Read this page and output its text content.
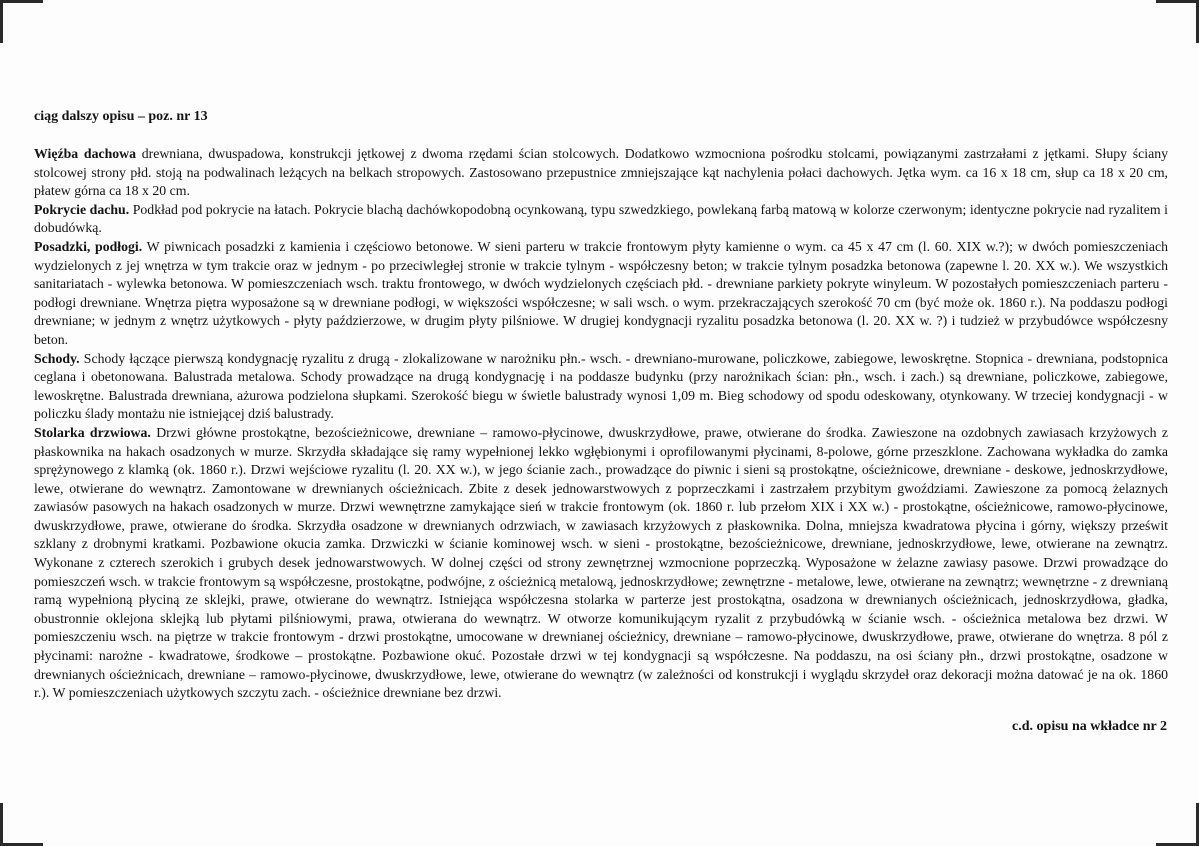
ciąg dalszy opisu – poz. nr 13

Więźba dachowa drewniana, dwuspadowa, konstrukcji jętkowej z dwoma rzędami ścian stolcowych. Dodatkowo wzmocniona pośrodku stolcami, powiązanymi zastrzałami z jętkami. Słupy ściany stolcowej strony płd. stoją na podwalinach leżących na belkach stropowych. Zastosowano przepustnice zmniejszające kąt nachylenia połaci dachowych. Jętka wym. ca 16 x 18 cm, słup ca 18 x 20 cm, płatew górna ca 18 x 20 cm.

Pokrycie dachu. Podkład pod pokrycie na łatach. Pokrycie blachą dachówkopodobną ocynkowaną, typu szwedzkiego, powlekaną farbą matową w kolorze czerwonym; identyczne pokrycie nad ryzalitem i dobudówką.

Posadzki, podłogi. W piwnicach posadzki z kamienia i częściowo betonowe. W sieni parteru w trakcie frontowym płyty kamienne o wym. ca 45 x 47 cm (l. 60. XIX w.?); w dwóch pomieszczeniach wydzielonych z jej wnętrza w tym trakcie oraz w jednym - po przeciwległej stronie w trakcie tylnym - współczesny beton; w trakcie tylnym posadzka betonowa (zapewne l. 20. XX w.). We wszystkich sanitariatach - wylewka betonowa. W pomieszczeniach wsch. traktu frontowego, w dwóch wydzielonych częściach płd. - drewniane parkiety pokryte winyleum. W pozostałych pomieszczeniach parteru - podłogi drewniane. Wnętrza piętra wyposażone są w drewniane podłogi, w większości współczesne; w sali wsch. o wym. przekraczających szerokość 70 cm (być może ok. 1860 r.). Na poddaszu podłogi drewniane; w jednym z wnętrz użytkowych - płyty paździerzowe, w drugim płyty pilśniowe. W drugiej kondygnacji ryzalitu posadzka betonowa (l. 20. XX w. ?) i tudzież w przybudówce współczesny beton.

Schody. Schody łączące pierwszą kondygnację ryzalitu z drugą - zlokalizowane w narożniku płn.- wsch. - drewniano-murowane, policzkowe, zabiegowe, lewoskrętne. Stopnica - drewniana, podstopnica ceglana i obetonowana. Balustrada metalowa. Schody prowadzące na drugą kondygnację i na poddasze budynku (przy narożnikach ścian: płn., wsch. i zach.) są drewniane, policzkowe, zabiegowe, lewoskrętne. Balustrada drewniana, ażurowa podzielona słupkami. Szerokość biegu w świetle balustrady wynosi 1,09 m. Bieg schodowy od spodu odeskowany, otynkowany. W trzeciej kondygnacji - w policzku ślady montażu nie istniejącej dziś balustrady.

Stolarka drzwiowa. Drzwi główne prostokątne, bezościeżnicowe, drewniane – ramowo-płycinowe, dwuskrzydłowe, prawe, otwierane do środka. Zawieszone na ozdobnych zawiasach krzyżowych z płaskownika na hakach osadzonych w murze. Skrzydła składające się ramy wypełnionej lekko wgłębionymi i oprofilowanymi płycinami, 8-polowe, górne przeszklone. Zachowana wykładka do zamka sprężynowego z klamką (ok. 1860 r.). Drzwi wejściowe ryzalitu (l. 20. XX w.), w jego ścianie zach., prowadzące do piwnic i sieni są prostokątne, ościeżnicowe, drewniane - deskowe, jednoskrzydłowe, lewe, otwierane do wewnątrz. Zamontowane w drewnianych ościeżnicach. Zbite z desek jednowarstwowych z poprzeczkami i zastrzałem przybitym gwoździami. Zawieszone za pomocą żelaznych zawiasów pasowych na hakach osadzonych w murze. Drzwi wewnętrzne zamykające sień w trakcie frontowym (ok. 1860 r. lub przełom XIX i XX w.) - prostokątne, ościeżnicowe, ramowo-płycinowe, dwuskrzydłowe, prawe, otwierane do środka. Skrzydła osadzone w drewnianych odrzwiach, w zawiasach krzyżowych z płaskownika. Dolna, mniejsza kwadratowa płycina i górny, większy prześwit szklany z drobnymi kratkami. Pozbawione okucia zamka. Drzwiczki w ścianie kominowej wsch. w sieni - prostokątne, bezościeżnicowe, drewniane, jednoskrzydłowe, lewe, otwierane na zewnątrz. Wykonane z czterech szerokich i grubych desek jednowarstwowych. W dolnej części od strony zewnętrznej wzmocnione poprzeczką. Wyposażone w żelazne zawiasy pasowe. Drzwi prowadzące do pomieszczeń wsch. w trakcie frontowym są współczesne, prostokątne, podwójne, z ościeżnicą metalową, jednoskrzydłowe; zewnętrzne - metalowe, lewe, otwierane na zewnątrz; wewnętrzne - z drewnianą ramą wypełnioną płyciną ze sklejki, prawe, otwierane do wewnątrz. Istniejąca współczesna stolarka w parterze jest prostokątna, osadzona w drewnianych ościeżnicach, jednoskrzydłowa, gładka, obustronnie oklejona sklejką lub płytami pilśniowymi, prawa, otwierana do wewnątrz. W otworze komunikującym ryzalit z przybudówką w ścianie wsch. - ościeżnica metalowa bez drzwi. W pomieszczeniu wsch. na piętrze w trakcie frontowym - drzwi prostokątne, umocowane w drewnianej ościeżnicy, drewniane – ramowo-płycinowe, dwuskrzydłowe, prawe, otwierane do wnętrza. 8 pól z płycinami: narożne - kwadratowe, środkowe – prostokątne. Pozbawione okuć. Pozostałe drzwi w tej kondygnacji są współczesne. Na poddaszu, na osi ściany płn., drzwi prostokątne, osadzone w drewnianych ościeżnicach, drewniane – ramowo-płycinowe, dwuskrzydłowe, lewe, otwierane do wewnątrz (w zależności od konstrukcji i wyglądu skrzydeł oraz dekoracji można datować je na ok. 1860 r.). W pomieszczeniach użytkowych szczytu zach. - ościeżnice drewniane bez drzwi.

c.d. opisu na wkładce nr 2
